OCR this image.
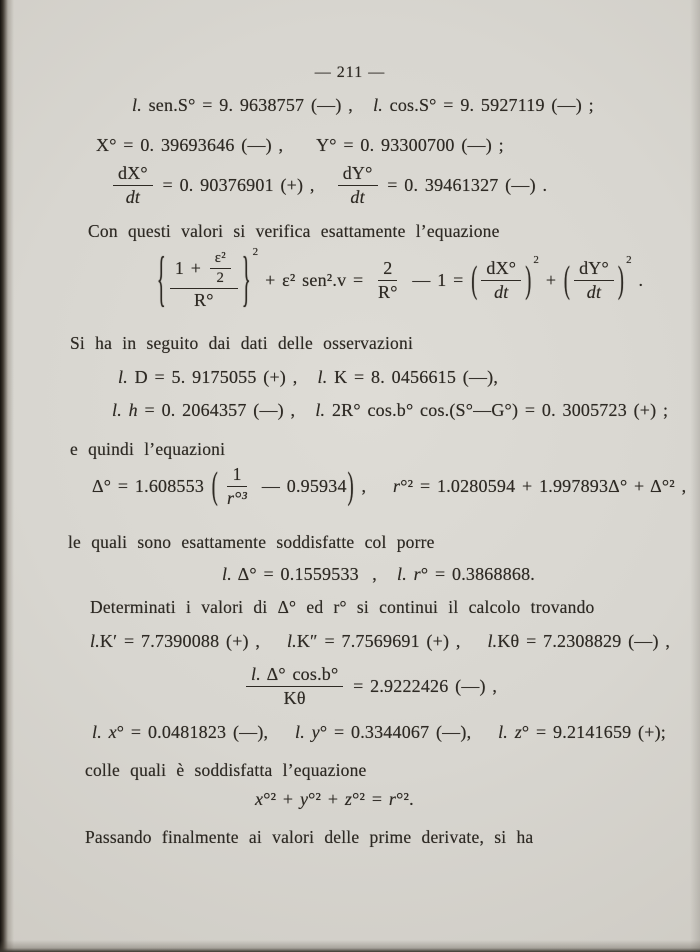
— 211 —
l. sen.S° = 9. 9638757 (—) , l. cos.S° = 9. 5927119 (—) ;
X° = 0. 39693646 (—) ,     Y° = 0. 93300700 (—) ;
$\frac{dX^\circ}{dt} = 0$. 90376901 (+) , $\frac{dY^\circ}{dt} = 0$. 39461327 (—) .
Con questi valori si verifica esattamente l’equazione
{ $\frac{1 + \frac{\text{ε²}}{2}}{R^\circ}$ } 2
+ ε² $sen^2.v = \frac{2}{R^\circ}$ — 1 = ( $\frac{dX^\circ}{dt}$ ) 2
+ ( $\frac{dY^\circ}{dt}$ ) 2
.
Si ha in seguito dai dati delle osservazioni
l. D = 5. 9175055 (+) , l. K = 8. 0456615 (—),
l. h = 0. 2064357 (—) , l. 2R° cos.b° cos.(S°—G°) = 0. 3005723 (+) ;
e quindi l’equazioni
Δ° = 1.608553 ( $\frac{1}{\text{r°³}}$ — 0.95934 ) , r °² = 1.0280594 + 1.997893Δ° + Δ°² ,
le quali sono esattamente soddisfatte col porre
l. Δ° = 0.1559533  , l. r ° = 0.3868868.
Determinati i valori di Δ° ed r° si continui il calcolo trovando
l. K′ = 7.7390088 (+) , l. K″ = 7.7569691 (+) , l. Kθ = 7.2308829 (—) ,
$\frac{l. \Delta^\circ \cos.b^\circ}{K\theta} = 2.9222426$ (—) ,
l. x ° = 0.0481823 (—), l. y ° = 0.3344067 (—), l. z ° = 9.2141659 (+);
colle quali è soddisfatta l’equazione
x °² + y °² + z °² = r °².
Passando finalmente ai valori delle prime derivate, si ha
